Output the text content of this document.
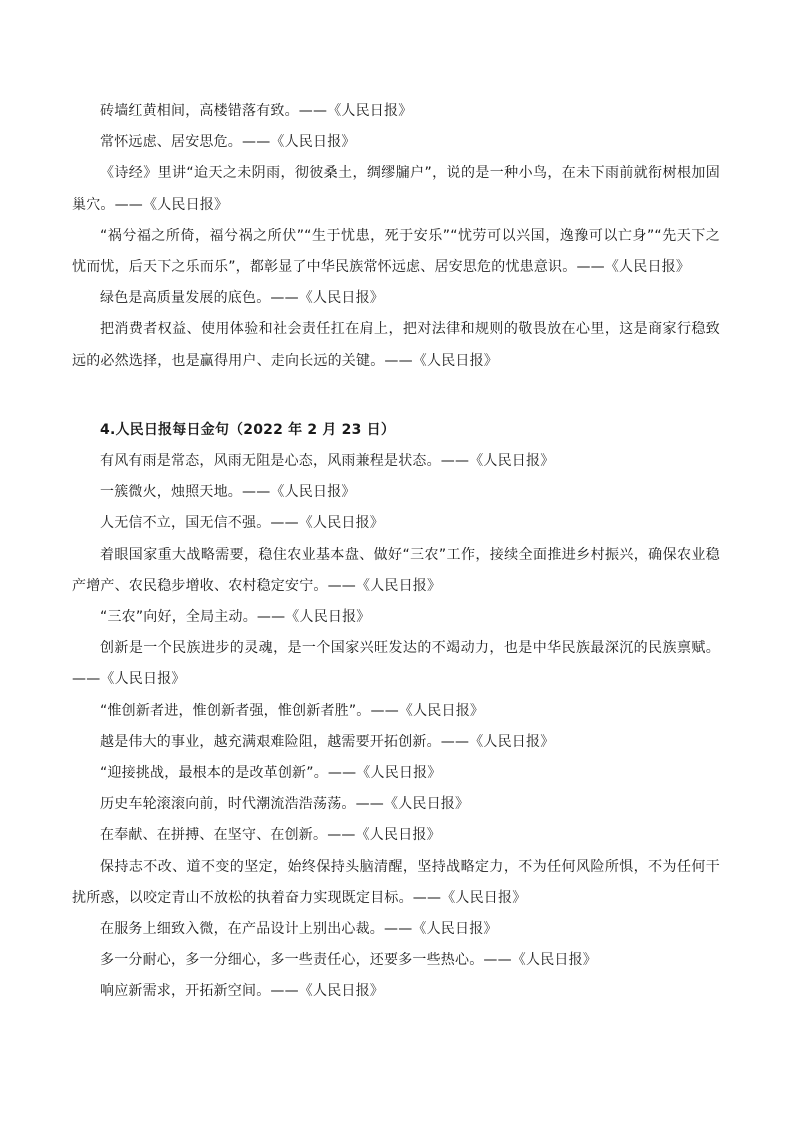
砖墙红黄相间，高楼错落有致。——《人民日报》

常怀远虑、居安思危。——《人民日报》

《诗经》里讲“迨天之未阴雨，彻彼桑土，绸缪牖户”，说的是一种小鸟，在未下雨前就衔树根加固巢穴。——《人民日报》

“祸兮福之所倚，福兮祸之所伏”“生于忧患，死于安乐”“忧劳可以兴国，逸豫可以亡身”“先天下之忧而忧，后天下之乐而乐”，都彰显了中华民族常怀远虑、居安思危的忧患意识。——《人民日报》

绿色是高质量发展的底色。——《人民日报》

把消费者权益、使用体验和社会责任扛在肩上，把对法律和规则的敬畏放在心里，这是商家行稳致远的必然选择，也是赢得用户、走向长远的关键。——《人民日报》

4.人民日报每日金句（2022 年 2 月 23 日）

有风有雨是常态，风雨无阻是心态，风雨兼程是状态。——《人民日报》

一簇微火，烛照天地。——《人民日报》

人无信不立，国无信不强。——《人民日报》

着眼国家重大战略需要，稳住农业基本盘、做好“三农”工作，接续全面推进乡村振兴，确保农业稳产增产、农民稳步增收、农村稳定安宁。——《人民日报》

“三农”向好，全局主动。——《人民日报》

创新是一个民族进步的灵魂，是一个国家兴旺发达的不竭动力，也是中华民族最深沉的民族禀赋。——《人民日报》

“惟创新者进，惟创新者强，惟创新者胜”。——《人民日报》

越是伟大的事业，越充满艰难险阻，越需要开拓创新。——《人民日报》

“迎接挑战，最根本的是改革创新”。——《人民日报》

历史车轮滚滚向前，时代潮流浩浩荡荡。——《人民日报》

在奉献、在拼搏、在坚守、在创新。——《人民日报》

保持志不改、道不变的坚定，始终保持头脑清醒，坚持战略定力，不为任何风险所惧，不为任何干扰所惑，以咬定青山不放松的执着奋力实现既定目标。——《人民日报》

在服务上细致入微，在产品设计上别出心裁。——《人民日报》

多一分耐心，多一分细心，多一些责任心，还要多一些热心。——《人民日报》

响应新需求，开拓新空间。——《人民日报》
